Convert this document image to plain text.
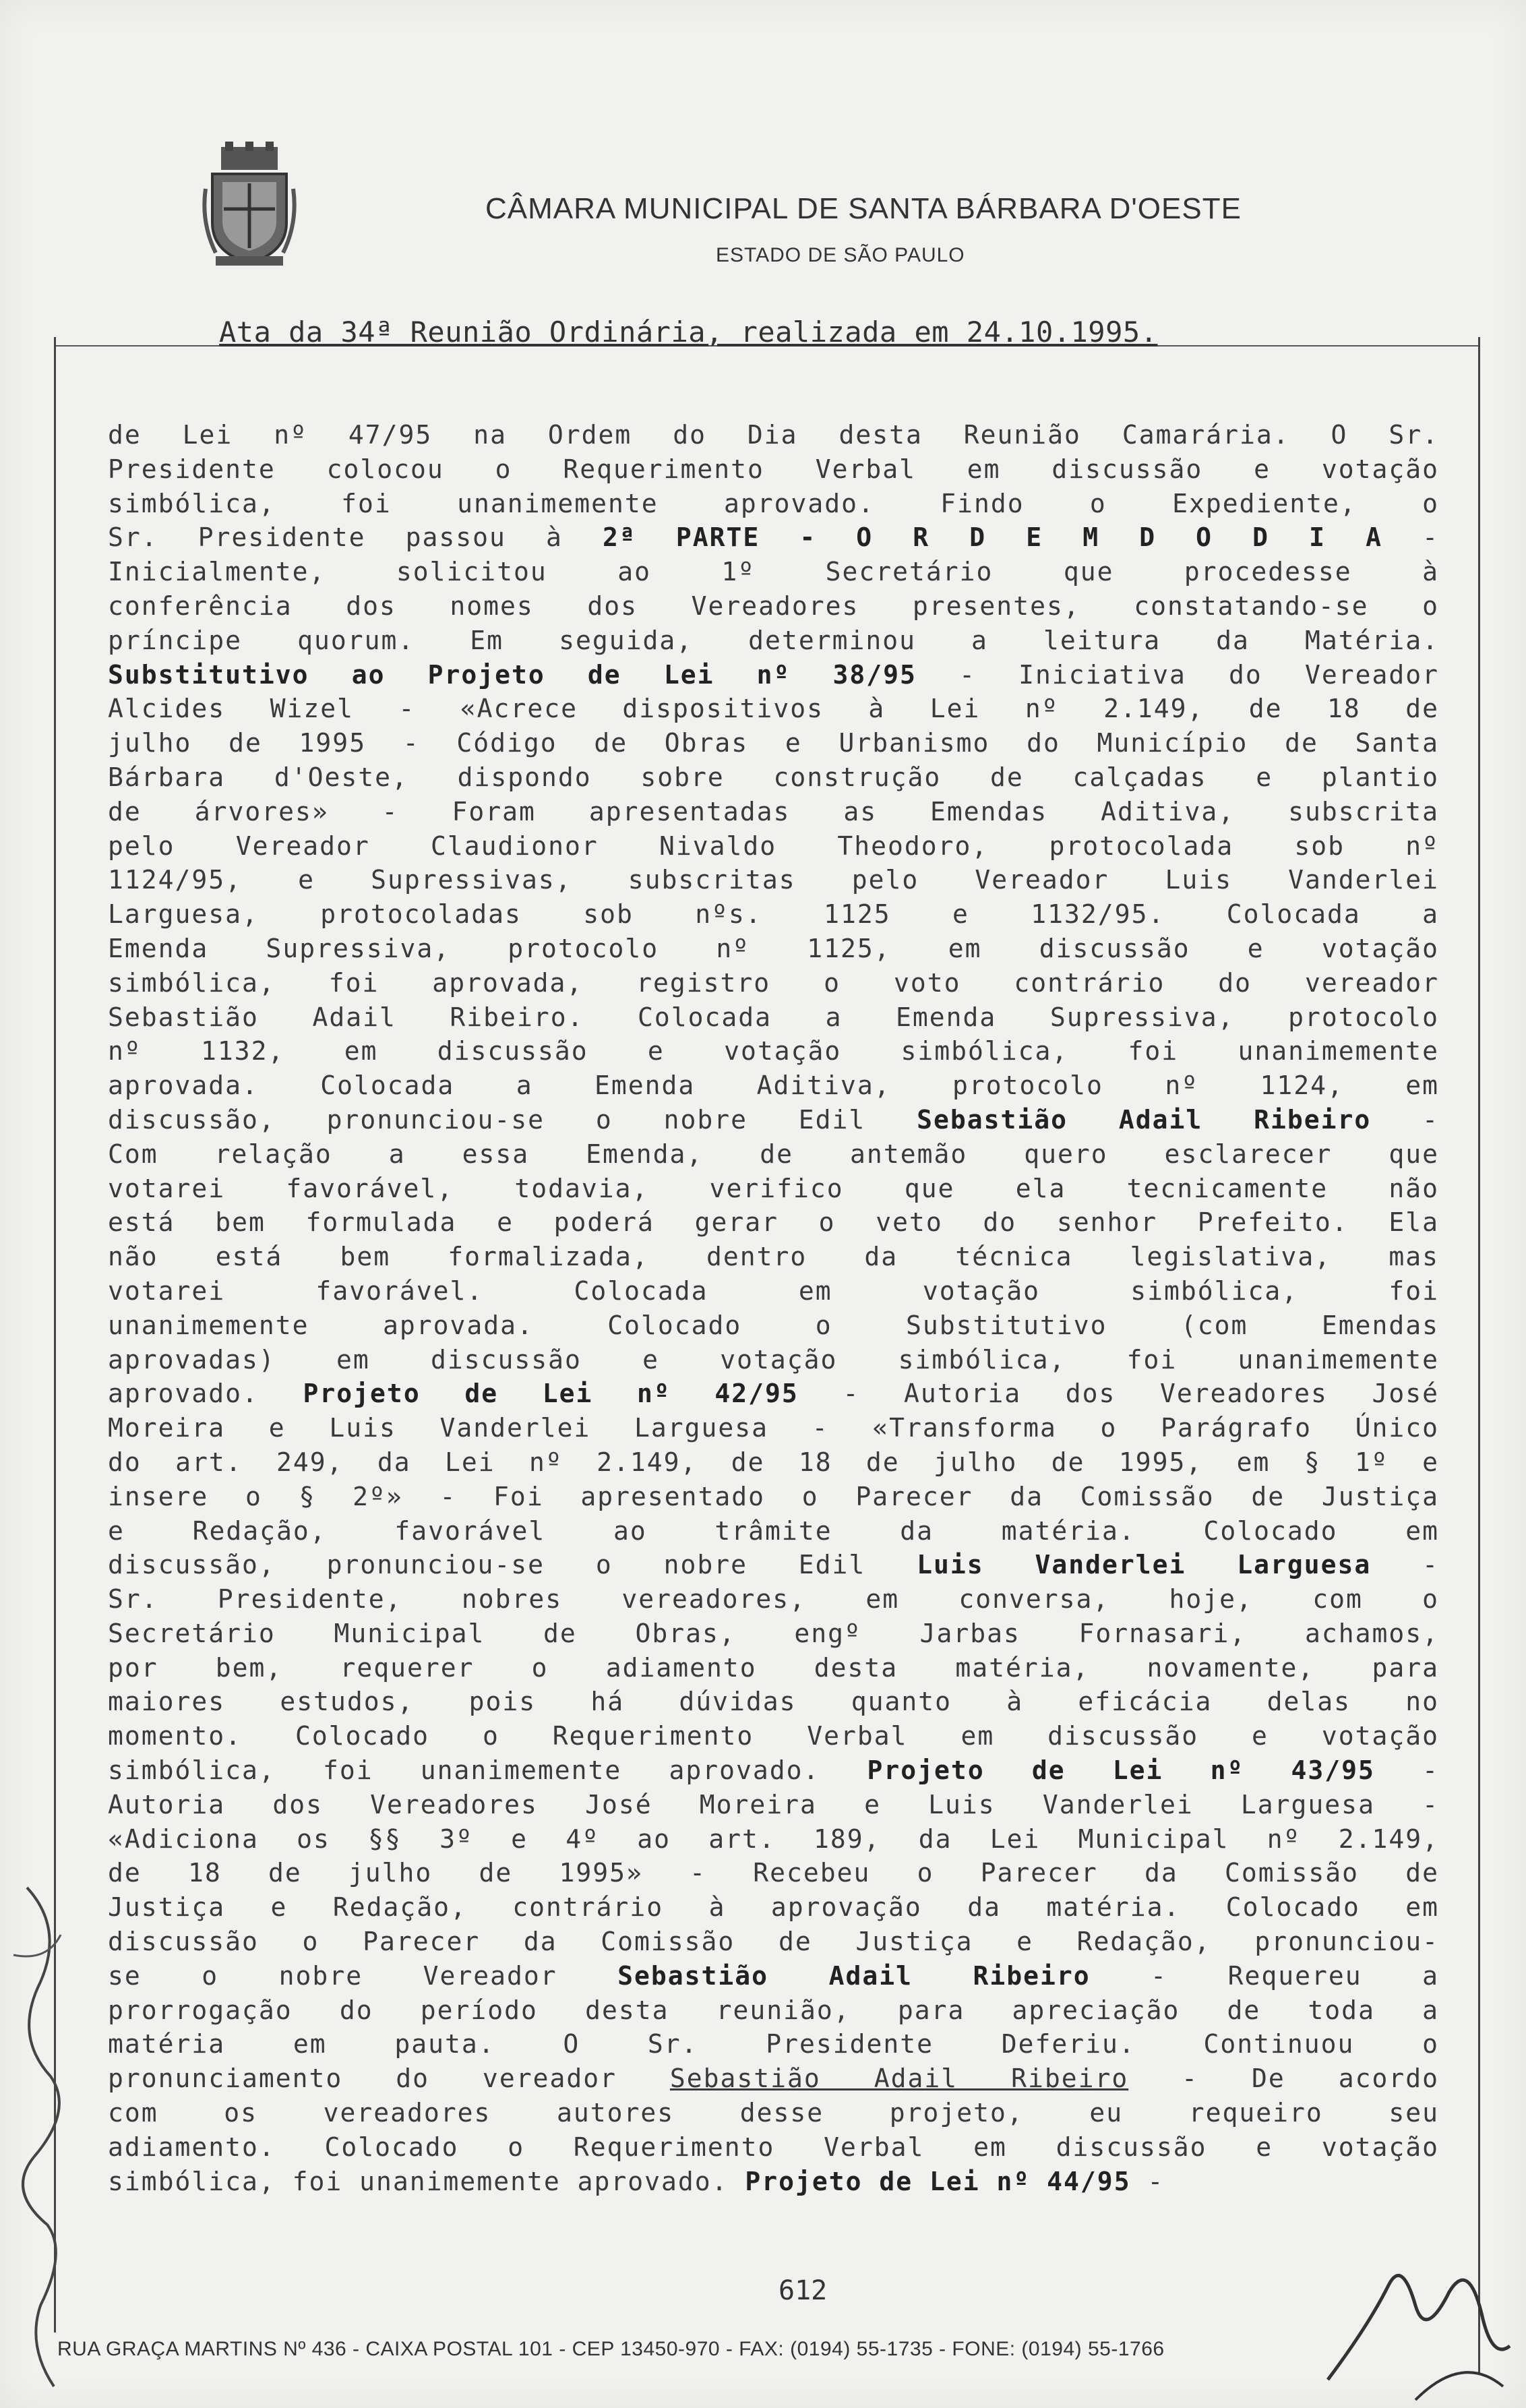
CÂMARA MUNICIPAL DE SANTA BÁRBARA D'OESTE
ESTADO DE SÃO PAULO
Ata da 34ª Reunião Ordinária, realizada em 24.10.1995.
de Lei nº 47/95 na Ordem do Dia desta Reunião Camarária. O Sr.
Presidente colocou o Requerimento Verbal em discussão e votação
simbólica, foi unanimemente aprovado. Findo o Expediente, o
Sr. Presidente passou à 2ª PARTE - O R D E M D O D I A -
Inicialmente, solicitou ao 1º Secretário que procedesse à
conferência dos nomes dos Vereadores presentes, constatando-se o
príncipe quorum. Em seguida, determinou a leitura da Matéria.
Substitutivo ao Projeto de Lei nº 38/95 - Iniciativa do Vereador
Alcides Wizel - «Acrece dispositivos à Lei nº 2.149, de 18 de
julho de 1995 - Código de Obras e Urbanismo do Município de Santa
Bárbara d'Oeste, dispondo sobre construção de calçadas e plantio
de árvores» - Foram apresentadas as Emendas Aditiva, subscrita
pelo Vereador Claudionor Nivaldo Theodoro, protocolada sob nº
1124/95, e Supressivas, subscritas pelo Vereador Luis Vanderlei
Larguesa, protocoladas sob nºs. 1125 e 1132/95. Colocada a
Emenda Supressiva, protocolo nº 1125, em discussão e votação
simbólica, foi aprovada, registro o voto contrário do vereador
Sebastião Adail Ribeiro. Colocada a Emenda Supressiva, protocolo
nº 1132, em discussão e votação simbólica, foi unanimemente
aprovada. Colocada a Emenda Aditiva, protocolo nº 1124, em
discussão, pronunciou-se o nobre Edil Sebastião Adail Ribeiro -
Com relação a essa Emenda, de antemão quero esclarecer que
votarei favorável, todavia, verifico que ela tecnicamente não
está bem formulada e poderá gerar o veto do senhor Prefeito. Ela
não está bem formalizada, dentro da técnica legislativa, mas
votarei favorável. Colocada em votação simbólica, foi
unanimemente aprovada. Colocado o Substitutivo (com Emendas
aprovadas) em discussão e votação simbólica, foi unanimemente
aprovado. Projeto de Lei nº 42/95 - Autoria dos Vereadores José
Moreira e Luis Vanderlei Larguesa - «Transforma o Parágrafo Único
do art. 249, da Lei nº 2.149, de 18 de julho de 1995, em § 1º e
insere o § 2º» - Foi apresentado o Parecer da Comissão de Justiça
e Redação, favorável ao trâmite da matéria. Colocado em
discussão, pronunciou-se o nobre Edil Luis Vanderlei Larguesa -
Sr. Presidente, nobres vereadores, em conversa, hoje, com o
Secretário Municipal de Obras, engº Jarbas Fornasari, achamos,
por bem, requerer o adiamento desta matéria, novamente, para
maiores estudos, pois há dúvidas quanto à eficácia delas no
momento. Colocado o Requerimento Verbal em discussão e votação
simbólica, foi unanimemente aprovado. Projeto de Lei nº 43/95 -
Autoria dos Vereadores José Moreira e Luis Vanderlei Larguesa -
«Adiciona os §§ 3º e 4º ao art. 189, da Lei Municipal nº 2.149,
de 18 de julho de 1995» - Recebeu o Parecer da Comissão de
Justiça e Redação, contrário à aprovação da matéria. Colocado em
discussão o Parecer da Comissão de Justiça e Redação, pronunciou-
se o nobre Vereador Sebastião Adail Ribeiro - Requereu a
prorrogação do período desta reunião, para apreciação de toda a
matéria em pauta. O Sr. Presidente Deferiu. Continuou o
pronunciamento do vereador Sebastião Adail Ribeiro - De acordo
com os vereadores autores desse projeto, eu requeiro seu
adiamento. Colocado o Requerimento Verbal em discussão e votação
simbólica, foi unanimemente aprovado. Projeto de Lei nº 44/95 -
612
RUA GRAÇA MARTINS Nº 436 - CAIXA POSTAL 101 - CEP 13450-970 - FAX: (0194) 55-1735 - FONE: (0194) 55-1766
